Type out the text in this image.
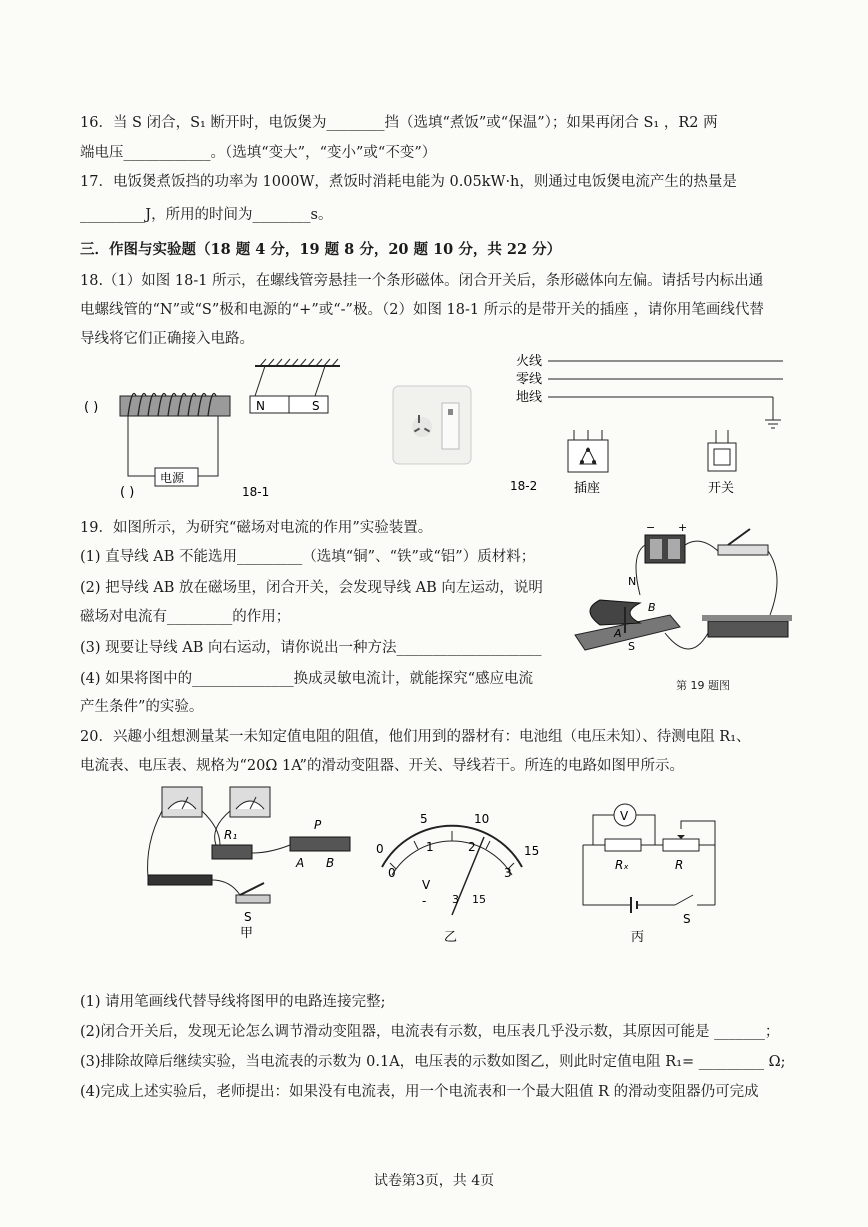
16．当 S 闭合，S₁ 断开时，电饭煲为________挡（选填“煮饭”或“保温”）；如果再闭合 S₁ ，R2 两
端电压____________。（选填“变大”，“变小”或“不变”）
17．电饭煲煮饭挡的功率为 1000W，煮饭时消耗电能为 0.05kW·h，则通过电饭煲电流产生的热量是
_________J，所用的时间为________s。
三．作图与实验题（18 题 4 分，19 题 8 分，20 题 10 分，共 22 分）
18.（1）如图 18-1 所示，在螺线管旁悬挂一个条形磁体。闭合开关后，条形磁体向左偏。请括号内标出通
电螺线管的“N”或“S”极和电源的“+”或“-”极。（2）如图 18-1 所示的是带开关的插座 ，请你用笔画线代替
导线将它们正确接入电路。
N	S
( )
电源
( )	18-1
火线
零线
地线
插座	开关
18-2
19．如图所示，为研究“磁场对电流的作用”实验装置。
(1) 直导线 AB 不能选用_________（选填“铜”、“铁”或“铝”）质材料；
(2) 把导线 AB 放在磁场里，闭合开关，会发现导线 AB 向左运动，说明
磁场对电流有_________的作用；
(3) 现要让导线 AB 向右运动，请你说出一种方法____________________
(4) 如果将图中的______________换成灵敏电流计，就能探究“感应电流
产生条件”的实验。
− +
N
S
B
A
第 19 题图
20．兴趣小组想测量某一未知定值电阻的阻值，他们用到的器材有：电池组（电压未知）、待测电阻 R₁、
电流表、电压表、规格为“20Ω 1A”的滑动变阻器、开关、导线若干。所连的电路如图甲所示。
R₁
P
A B
S
甲
0
5	10
15
0
1	2
3
V
- 3 15
乙
V
Rₓ	R
S
丙
(1) 请用笔画线代替导线将图甲的电路连接完整;
(2)闭合开关后，发现无论怎么调节滑动变阻器，电流表有示数，电压表几乎没示数，其原因可能是 _______；
(3)排除故障后继续实验，当电流表的示数为 0.1A，电压表的示数如图乙，则此时定值电阻 R₁= _________ Ω;
(4)完成上述实验后，老师提出：如果没有电流表，用一个电流表和一个最大阻值 R 的滑动变阻器仍可完成
试卷第3页，共 4页
